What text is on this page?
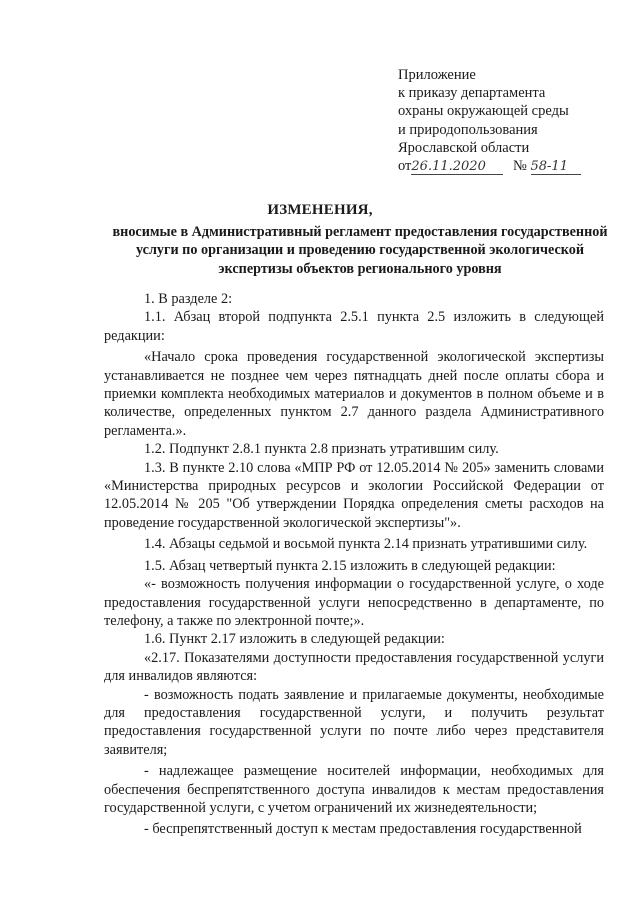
Приложение
к приказу департамента
охраны окружающей среды
и природопользования
Ярославской области
от26.11.2020 № 58-11
ИЗМЕНЕНИЯ,
вносимые в Административный регламент предоставления государственной услуги по организации и проведению государственной экологической экспертизы объектов регионального уровня

1. В разделе 2:

1.1. Абзац второй подпункта 2.5.1 пункта 2.5 изложить в следующей редакции:

«Начало срока проведения государственной экологической экспертизы устанавливается не позднее чем через пятнадцать дней после оплаты сбора и приемки комплекта необходимых материалов и документов в полном объеме и в количестве, определенных пунктом 2.7 данного раздела Административного регламента.».

1.2. Подпункт 2.8.1 пункта 2.8 признать утратившим силу.

1.3. В пункте 2.10 слова «МПР РФ от 12.05.2014 № 205» заменить словами «Министерства природных ресурсов и экологии Российской Федерации от 12.05.2014 № 205 "Об утверждении Порядка определения сметы расходов на проведение государственной экологической экспертизы"».

1.4. Абзацы седьмой и восьмой пункта 2.14 признать утратившими силу.

1.5. Абзац четвертый пункта 2.15 изложить в следующей редакции:

«- возможность получения информации о государственной услуге, о ходе предоставления государственной услуги непосредственно в департаменте, по телефону, а также по электронной почте;».

1.6. Пункт 2.17 изложить в следующей редакции:

«2.17. Показателями доступности предоставления государственной услуги для инвалидов являются:

- возможность подать заявление и прилагаемые документы, необходимые для предоставления государственной услуги, и получить результат предоставления государственной услуги по почте либо через представителя заявителя;

- надлежащее размещение носителей информации, необходимых для обеспечения беспрепятственного доступа инвалидов к местам предоставления государственной услуги, с учетом ограничений их жизнедеятельности;

- беспрепятственный доступ к местам предоставления государственной
